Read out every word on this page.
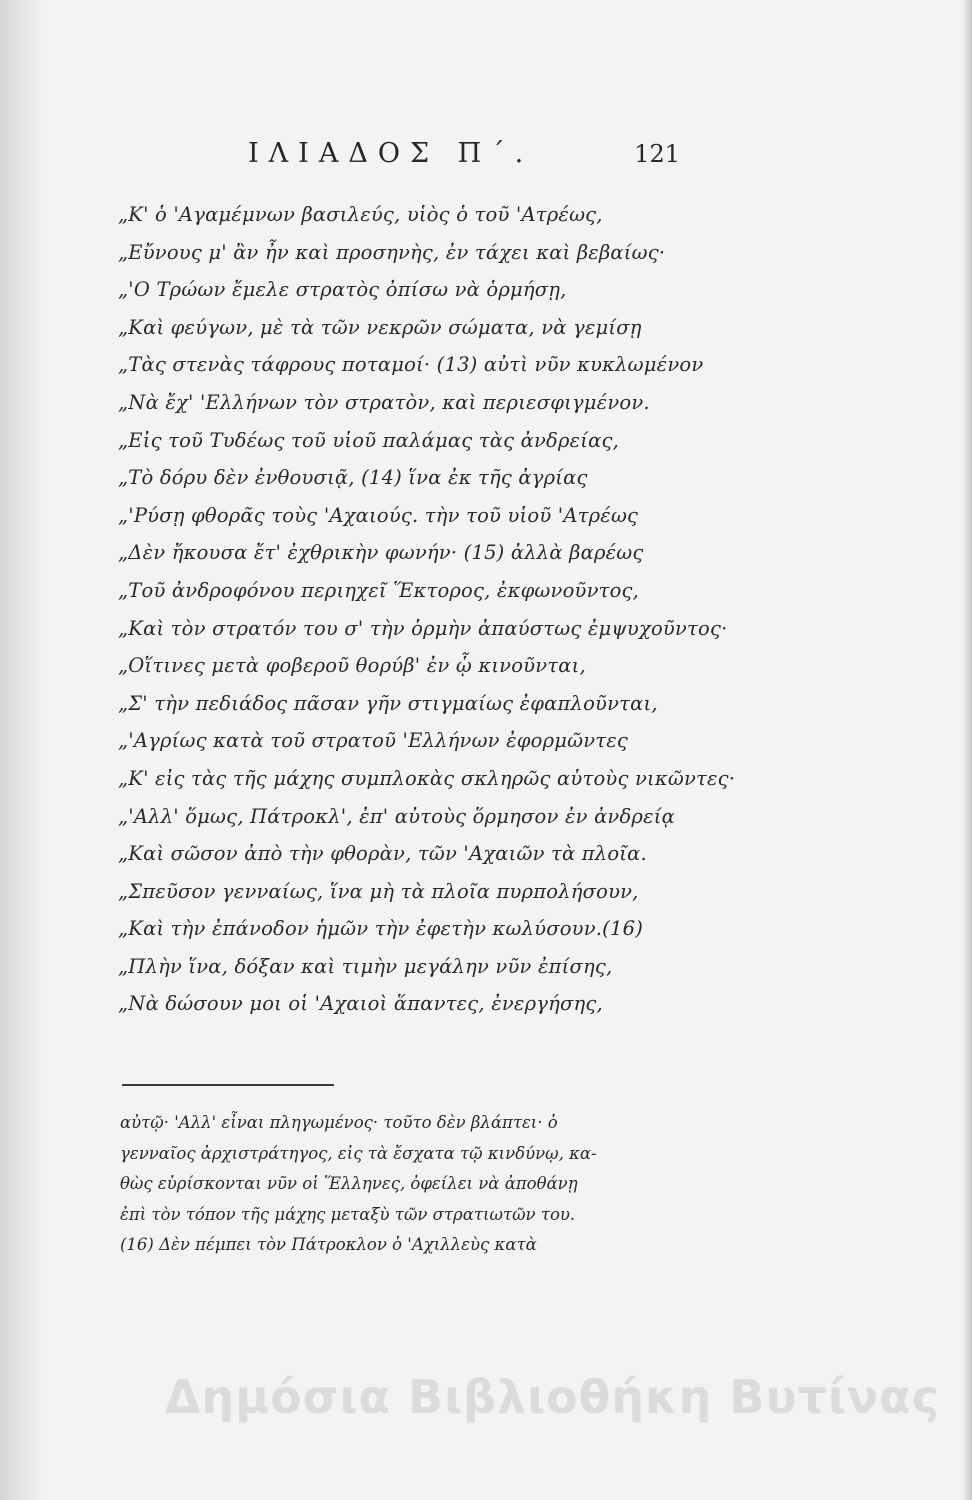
ΙΛΙΑΔΟΣ Π΄.	121
„Κ' ὁ 'Αγαμέμνων βασιλεύς, υἱὸς ὁ τοῦ 'Ατρέως,
„Εὔνους μ' ἂν ἦν καὶ προσηνὴς, ἐν τάχει καὶ βεβαίως·
„'Ο Τρώων ἔμελε στρατὸς ὀπίσω νὰ ὁρμήσῃ,
„Καὶ φεύγων, μὲ τὰ τῶν νεκρῶν σώματα, νὰ γεμίσῃ
„Τὰς στενὰς τάφρους ποταμοί· (13) αὐτὶ νῦν κυκλωμένον
„Νὰ ἔχ' 'Ελλήνων τὸν στρατὸν, καὶ περιεσφιγμένον.
„Εἰς τοῦ Τυδέως τοῦ υἱοῦ παλάμας τὰς ἀνδρείας,
„Τὸ δόρυ δὲν ἐνθουσιᾷ, (14) ἵνα ἐκ τῆς ἀγρίας
„'Ρύσῃ φθορᾶς τοὺς 'Αχαιούς. τὴν τοῦ υἱοῦ 'Ατρέως
„Δὲν ἤκουσα ἔτ' ἐχθρικὴν φωνήν· (15) ἀλλὰ βαρέως
„Τοῦ ἀνδροφόνου περιηχεῖ Ἕκτορος, ἐκφωνοῦντος,
„Καὶ τὸν στρατόν του σ' τὴν ὁρμὴν ἀπαύστως ἐμψυχοῦντος·
„Οἵτινες μετὰ φοβεροῦ θορύβ' ἐν ᾧ κινοῦνται,
„Σ' τὴν πεδιάδος πᾶσαν γῆν στιγμαίως ἐφαπλοῦνται,
„'Αγρίως κατὰ τοῦ στρατοῦ 'Ελλήνων ἐφορμῶντες
„Κ' εἰς τὰς τῆς μάχης συμπλοκὰς σκληρῶς αὐτοὺς νικῶντες·
„'Αλλ' ὅμως, Πάτροκλ', ἐπ' αὐτοὺς ὅρμησον ἐν ἀνδρείᾳ
„Καὶ σῶσον ἀπὸ τὴν φθορὰν, τῶν 'Αχαιῶν τὰ πλοῖα.
„Σπεῦσον γενναίως, ἵνα μὴ τὰ πλοῖα πυρπολήσουν,
„Καὶ τὴν ἐπάνοδον ἡμῶν τὴν ἐφετὴν κωλύσουν.(16)
„Πλὴν ἵνα, δόξαν καὶ τιμὴν μεγάλην νῦν ἐπίσης,
„Νὰ δώσουν μοι οἱ 'Αχαιοὶ ἅπαντες, ἐνεργήσης,
αὐτῷ· 'Αλλ' εἶναι πληγωμένος· τοῦτο δὲν βλάπτει· ὁ
γενναῖος ἀρχιστράτηγος, εἰς τὰ ἔσχατα τῷ κινδύνῳ, κα-
θὼς εὑρίσκονται νῦν οἱ Ἕλληνες, ὀφείλει νὰ ἀποθάνῃ
ἐπὶ τὸν τόπον τῆς μάχης μεταξὺ τῶν στρατιωτῶν του.
(16) Δὲν πέμπει τὸν Πάτροκλον ὁ 'Αχιλλεὺς κατὰ
Δημόσια Βιβλιοθήκη Βυτίνας
